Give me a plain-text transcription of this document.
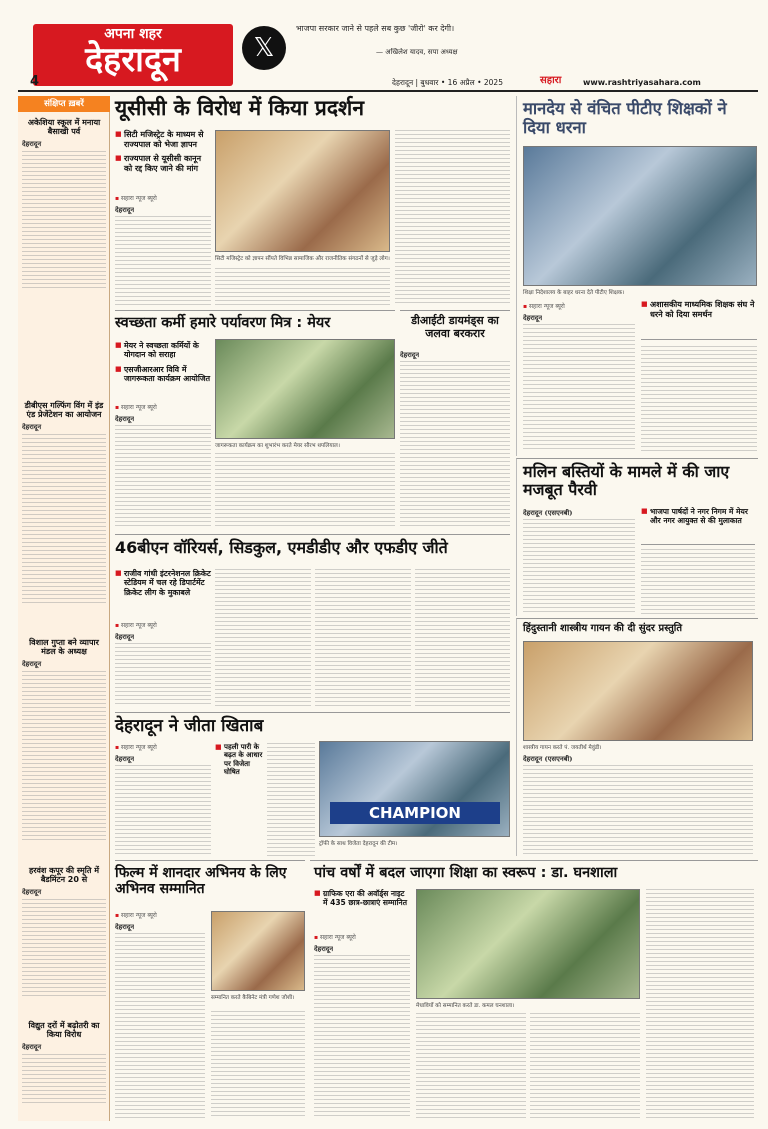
अपना शहर
देहरादून
4
𝕏
भाजपा सरकार जाने से पहले सब कुछ 'जीरो' कर देगी।
— अखिलेश यादव, सपा अध्यक्ष
देहरादून | बुधवार • 16 अप्रैल • 2025	सहारा	www.rashtriyasahara.com
संक्षिप्त ख़बरें
अकेशिया स्कूल में मनाया बैसाखी पर्व
देहरादून
डीबीएस गल्फिंग विंग में इंड एंड प्रेजेंटेशन का आयोजन
देहरादून
विशाल गुप्ता बने व्यापार मंडल के अध्यक्ष
देहरादून
हरवंश कपूर की स्मृति में बैडमिंटन 20 से
देहरादून
विद्युत दरों में बढ़ोतरी का किया विरोध
देहरादून
यूसीसी के विरोध में किया प्रदर्शन
■ सिटी मजिस्ट्रेट के माध्यम से राज्यपाल को भेजा ज्ञापन
■ राज्यपाल से यूसीसी कानून को रद्द किए जाने की मांग
▪ सहारा न्यूज ब्यूरो
देहरादून
सिटी मजिस्ट्रेट को ज्ञापन सौंपते विभिन्न सामाजिक और राजनीतिक संगठनों से जुड़े लोग।
मानदेय से वंचित पीटीए शिक्षकों ने दिया धरना
शिक्षा निदेशालय के बाहर धरना देते पीटीए शिक्षक।
▪ सहारा न्यूज ब्यूरो
देहरादून
■ अशासकीय माध्यमिक शिक्षक संघ ने धरने को दिया समर्थन
स्वच्छता कर्मी हमारे पर्यावरण मित्र : मेयर
■ मेयर ने स्वच्छता कर्मियों के योगदान को सराहा
■ एसजीआरआर विवि में जागरूकता कार्यक्रम आयोजित
▪ सहारा न्यूज ब्यूरो
देहरादून
जागरूकता कार्यक्रम का शुभारंभ करते मेयर सौरभ थपलियाल।
डीआईटी डायमंड्स का जलवा बरकरार
देहरादून
मलिन बस्तियों के मामले में की जाए मजबूत पैरवी
देहरादून (एसएनबी)
■	भाजपा पार्षदों ने नगर निगम में मेयर और नगर आयुक्त से की मुलाकात
46बीएन वॉरियर्स, सिडकुल, एमडीडीए और एफडीए जीते
■ राजीव गांधी इंटरनेशनल क्रिकेट स्टेडियम में चल रहे डिपार्टमेंट क्रिकेट लीग के मुकाबले
▪ सहारा न्यूज ब्यूरो
देहरादून
हिंदुस्तानी शास्त्रीय गायन की दी सुंदर प्रस्तुति
शास्त्रीय गायन करते पं. जयतीर्थ मेवुंडी।
देहरादून (एसएनबी)
देहरादून ने जीता खिताब
▪ सहारा न्यूज ब्यूरो
देहरादून
■ पहली पारी के बढ़त के आधार पर विजेता घोषित
CHAMPION
ट्रॉफी के साथ विजेता देहरादून की टीम।
फिल्म में शानदार अभिनय के लिए अभिनव सम्मानित
▪ सहारा न्यूज ब्यूरो
देहरादून
सम्मानित करते कैबिनेट मंत्री गणेश जोशी।
पांच वर्षों में बदल जाएगा शिक्षा का स्वरूप : डा. घनशाला
■ ग्राफिक एरा की अवॉर्ड्स नाइट में 435 छात्र-छात्राएं सम्मानित
▪ सहारा न्यूज ब्यूरो
देहरादून
मेधावियों को सम्मानित करते डा. कमल घनशाला।
